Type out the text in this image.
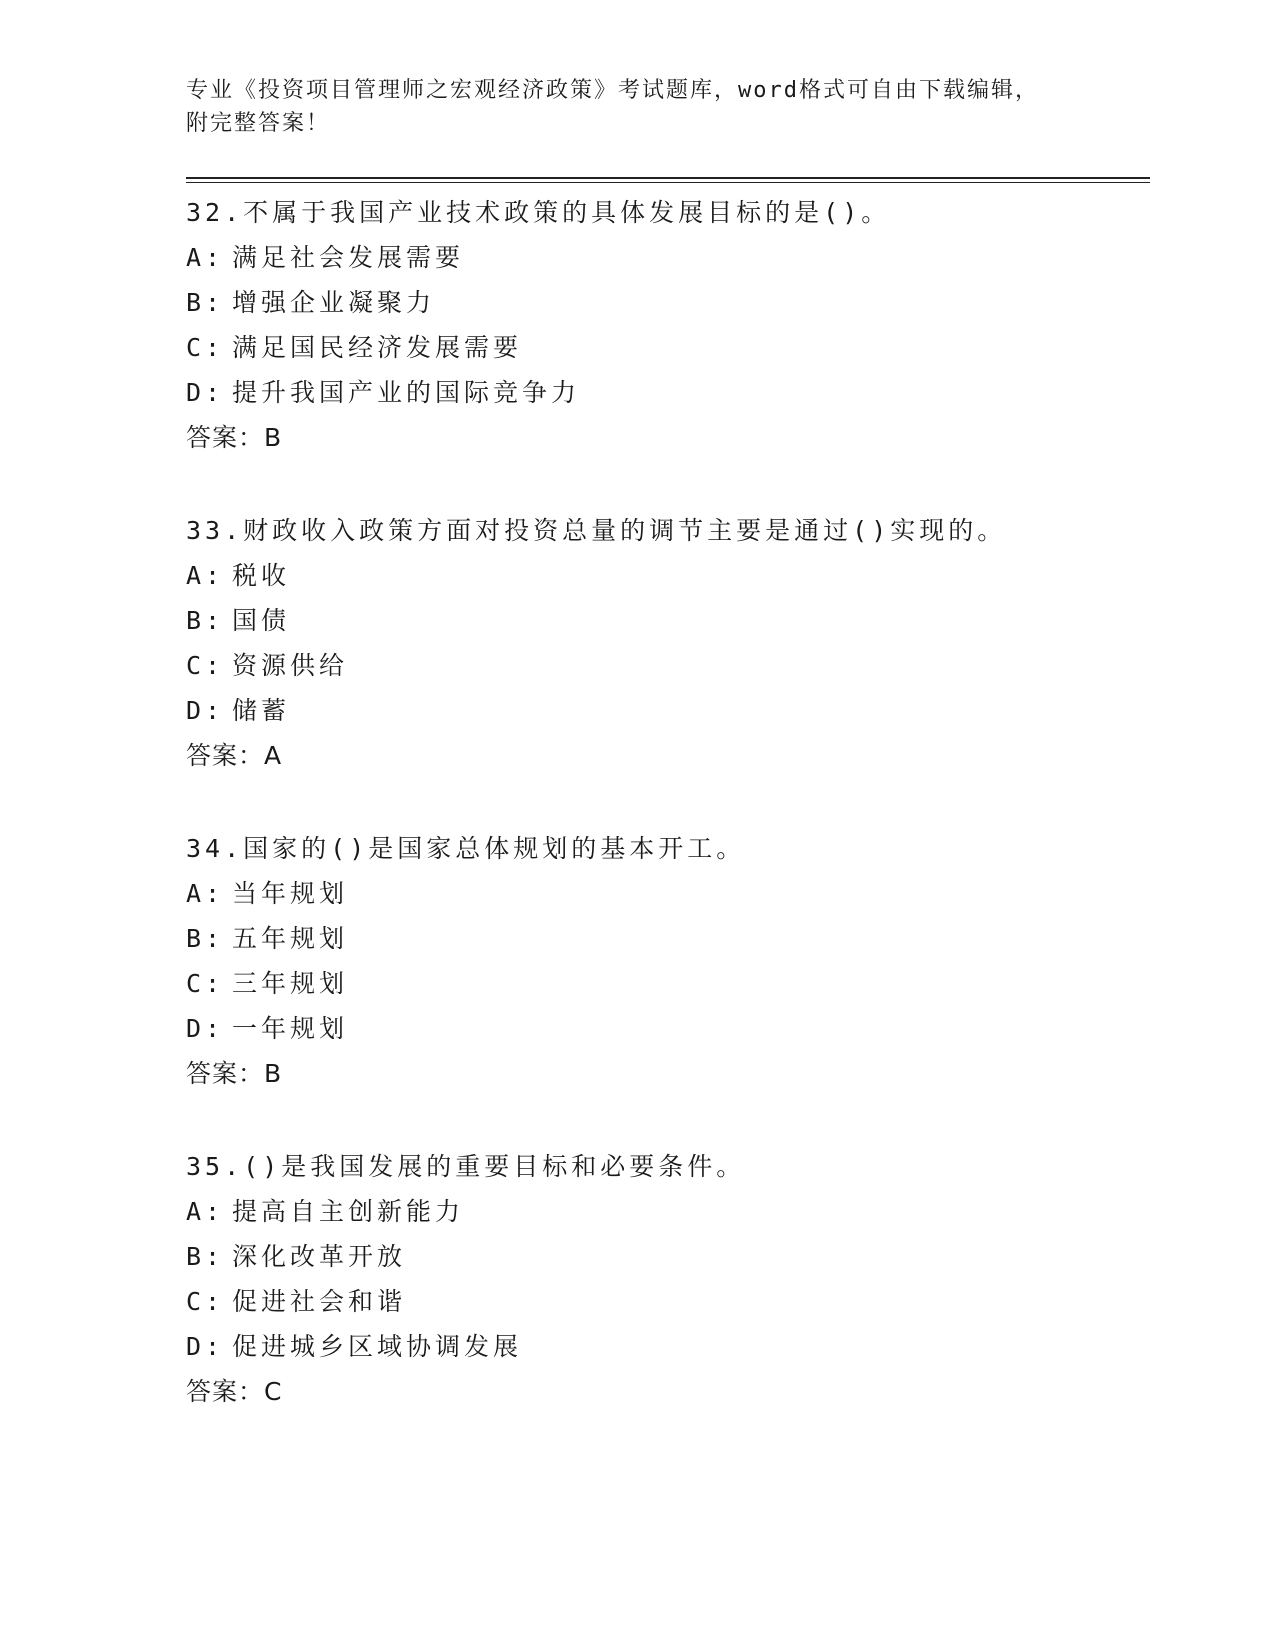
专业《投资项目管理师之宏观经济政策》考试题库，word格式可自由下载编辑，
附完整答案！
32.不属于我国产业技术政策的具体发展目标的是()。
A: 满足社会发展需要
B: 增强企业凝聚力
C: 满足国民经济发展需要
D: 提升我国产业的国际竞争力
答案：B
33.财政收入政策方面对投资总量的调节主要是通过()实现的。
A: 税收
B: 国债
C: 资源供给
D: 储蓄
答案：A
34.国家的()是国家总体规划的基本开工。
A: 当年规划
B: 五年规划
C: 三年规划
D: 一年规划
答案：B
35.()是我国发展的重要目标和必要条件。
A: 提高自主创新能力
B: 深化改革开放
C: 促进社会和谐
D: 促进城乡区域协调发展
答案：C
